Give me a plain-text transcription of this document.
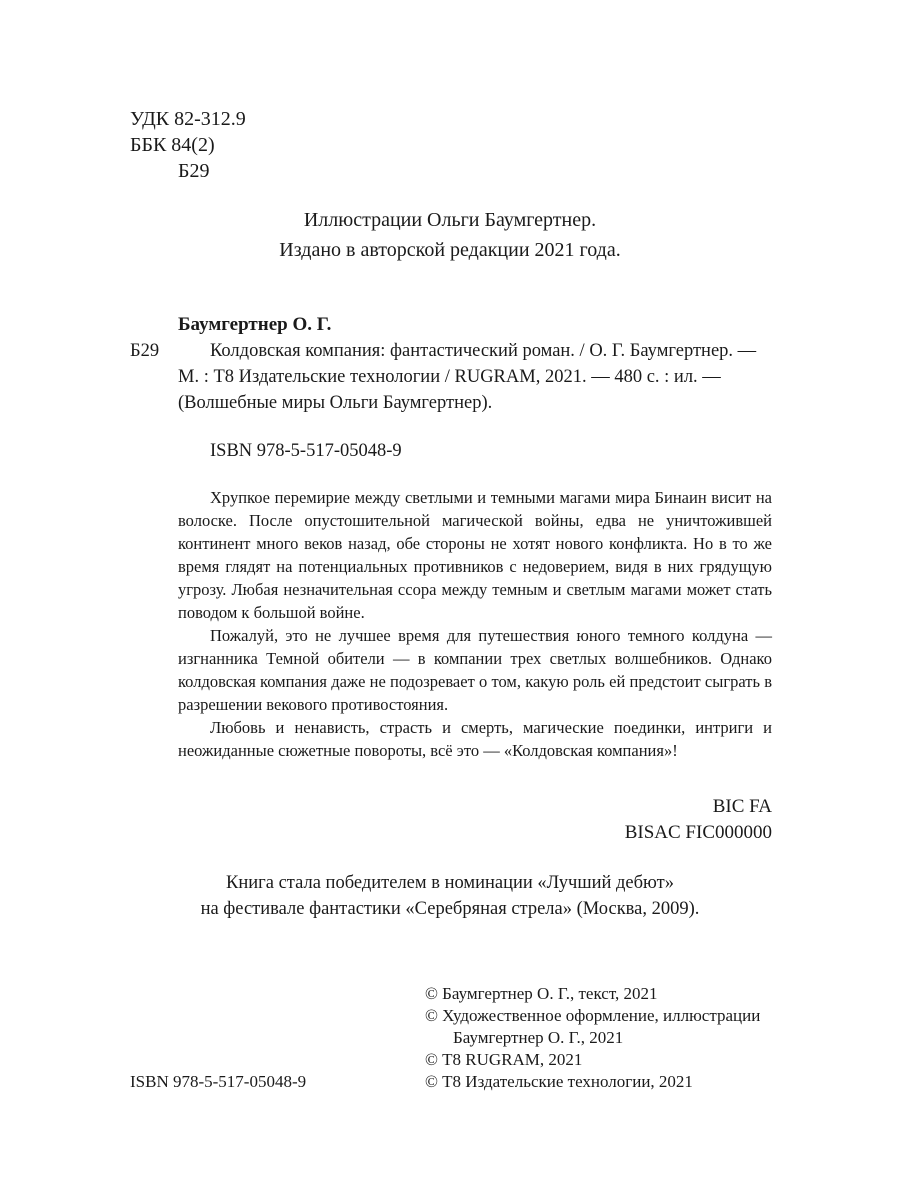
УДК 82-312.9
ББК 84(2)
Б29
Иллюстрации Ольги Баумгертнер.
Издано в авторской редакции 2021 года.
Баумгертнер О. Г.
Б29	Колдовская компания: фантастический роман. / О. Г. Баумгертнер. —
М. : Т8 Издательские технологии / RUGRAM, 2021. — 480 с. : ил. —
(Волшебные миры Ольги Баумгертнер).
ISBN 978-5-517-05048-9

Хрупкое перемирие между светлыми и темными магами мира Бинаин висит на волоске. После опустошительной магической войны, едва не уничтожившей континент много веков назад, обе стороны не хотят нового конфликта. Но в то же время глядят на потенциальных противников с недоверием, видя в них грядущую угрозу. Любая незначительная ссора между темным и светлым магами может стать поводом к большой войне.

Пожалуй, это не лучшее время для путешествия юного темного колдуна — изгнанника Темной обители — в компании трех светлых волшебников. Однако колдовская компания даже не подозревает о том, какую роль ей предстоит сыграть в разрешении векового противостояния.

Любовь и ненависть, страсть и смерть, магические поединки, интриги и неожиданные сюжетные повороты, всё это — «Колдовская компания»!

BIC FA
BISAC FIC000000
Книга стала победителем в номинации «Лучший дебют»
на фестивале фантастики «Серебряная стрела» (Москва, 2009).
© Баумгертнер О. Г., текст, 2021
© Художественное оформление, иллюстрации
Баумгертнер О. Г., 2021
© Т8 RUGRAM, 2021
© Т8 Издательские технологии, 2021
ISBN 978-5-517-05048-9
